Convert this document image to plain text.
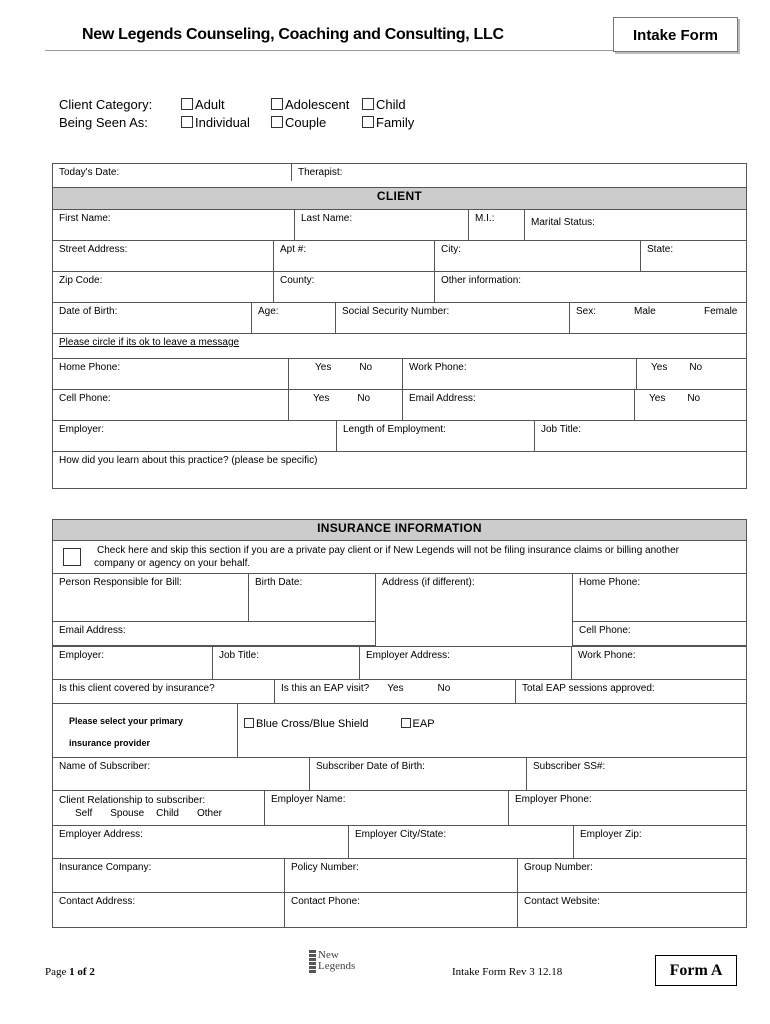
New Legends Counseling, Coaching and Consulting, LLC	Intake Form
Client Category:	Adult	Adolescent	Child
Being Seen As:	Individual	Couple	Family
Today's Date:	Therapist:

CLIENT

First Name:	Last Name:	M.I.:	Marital Status:

Street Address:	Apt #:	City:	State:

Zip Code:	County:	Other information:

Date of Birth:	Age:	Social Security Number:	Sex:	Male	Female

Please circle if its ok to leave a message

Home Phone:	Yes	No	Work Phone:	Yes No

Cell Phone:	Yes	No	Email Address:	Yes No

Employer:	Length of Employment:	Job Title:

How did you learn about this practice? (please be specific)
INSURANCE INFORMATION

Check here and skip this section if you are a private pay client or if New Legends will not be filing insurance claims or billing another
company or agency on your behalf.

Person Responsible for Bill:	Birth Date:	Address (if different):	Home Phone:
Email Address:	Cell Phone:

Employer:	Job Title:	Employer Address:	Work Phone:

Is this client covered by insurance?	Is this an EAP visit? Yes	No	Total EAP sessions approved:

Please select your primary
insurance provider	Blue Cross/Blue Shield	EAP

Name of Subscriber:	Subscriber Date of Birth:	Subscriber SS#:

Client Relationship to subscriber:
Self Spouse Child Other	Employer Name:	Employer Phone:

Employer Address:	Employer City/State:	Employer Zip:

Insurance Company:	Policy Number:	Group Number:

Contact Address:	Contact Phone:	Contact Website:
Page 1 of 2
New
Legends	Intake Form Rev 3 12.18	Form A
